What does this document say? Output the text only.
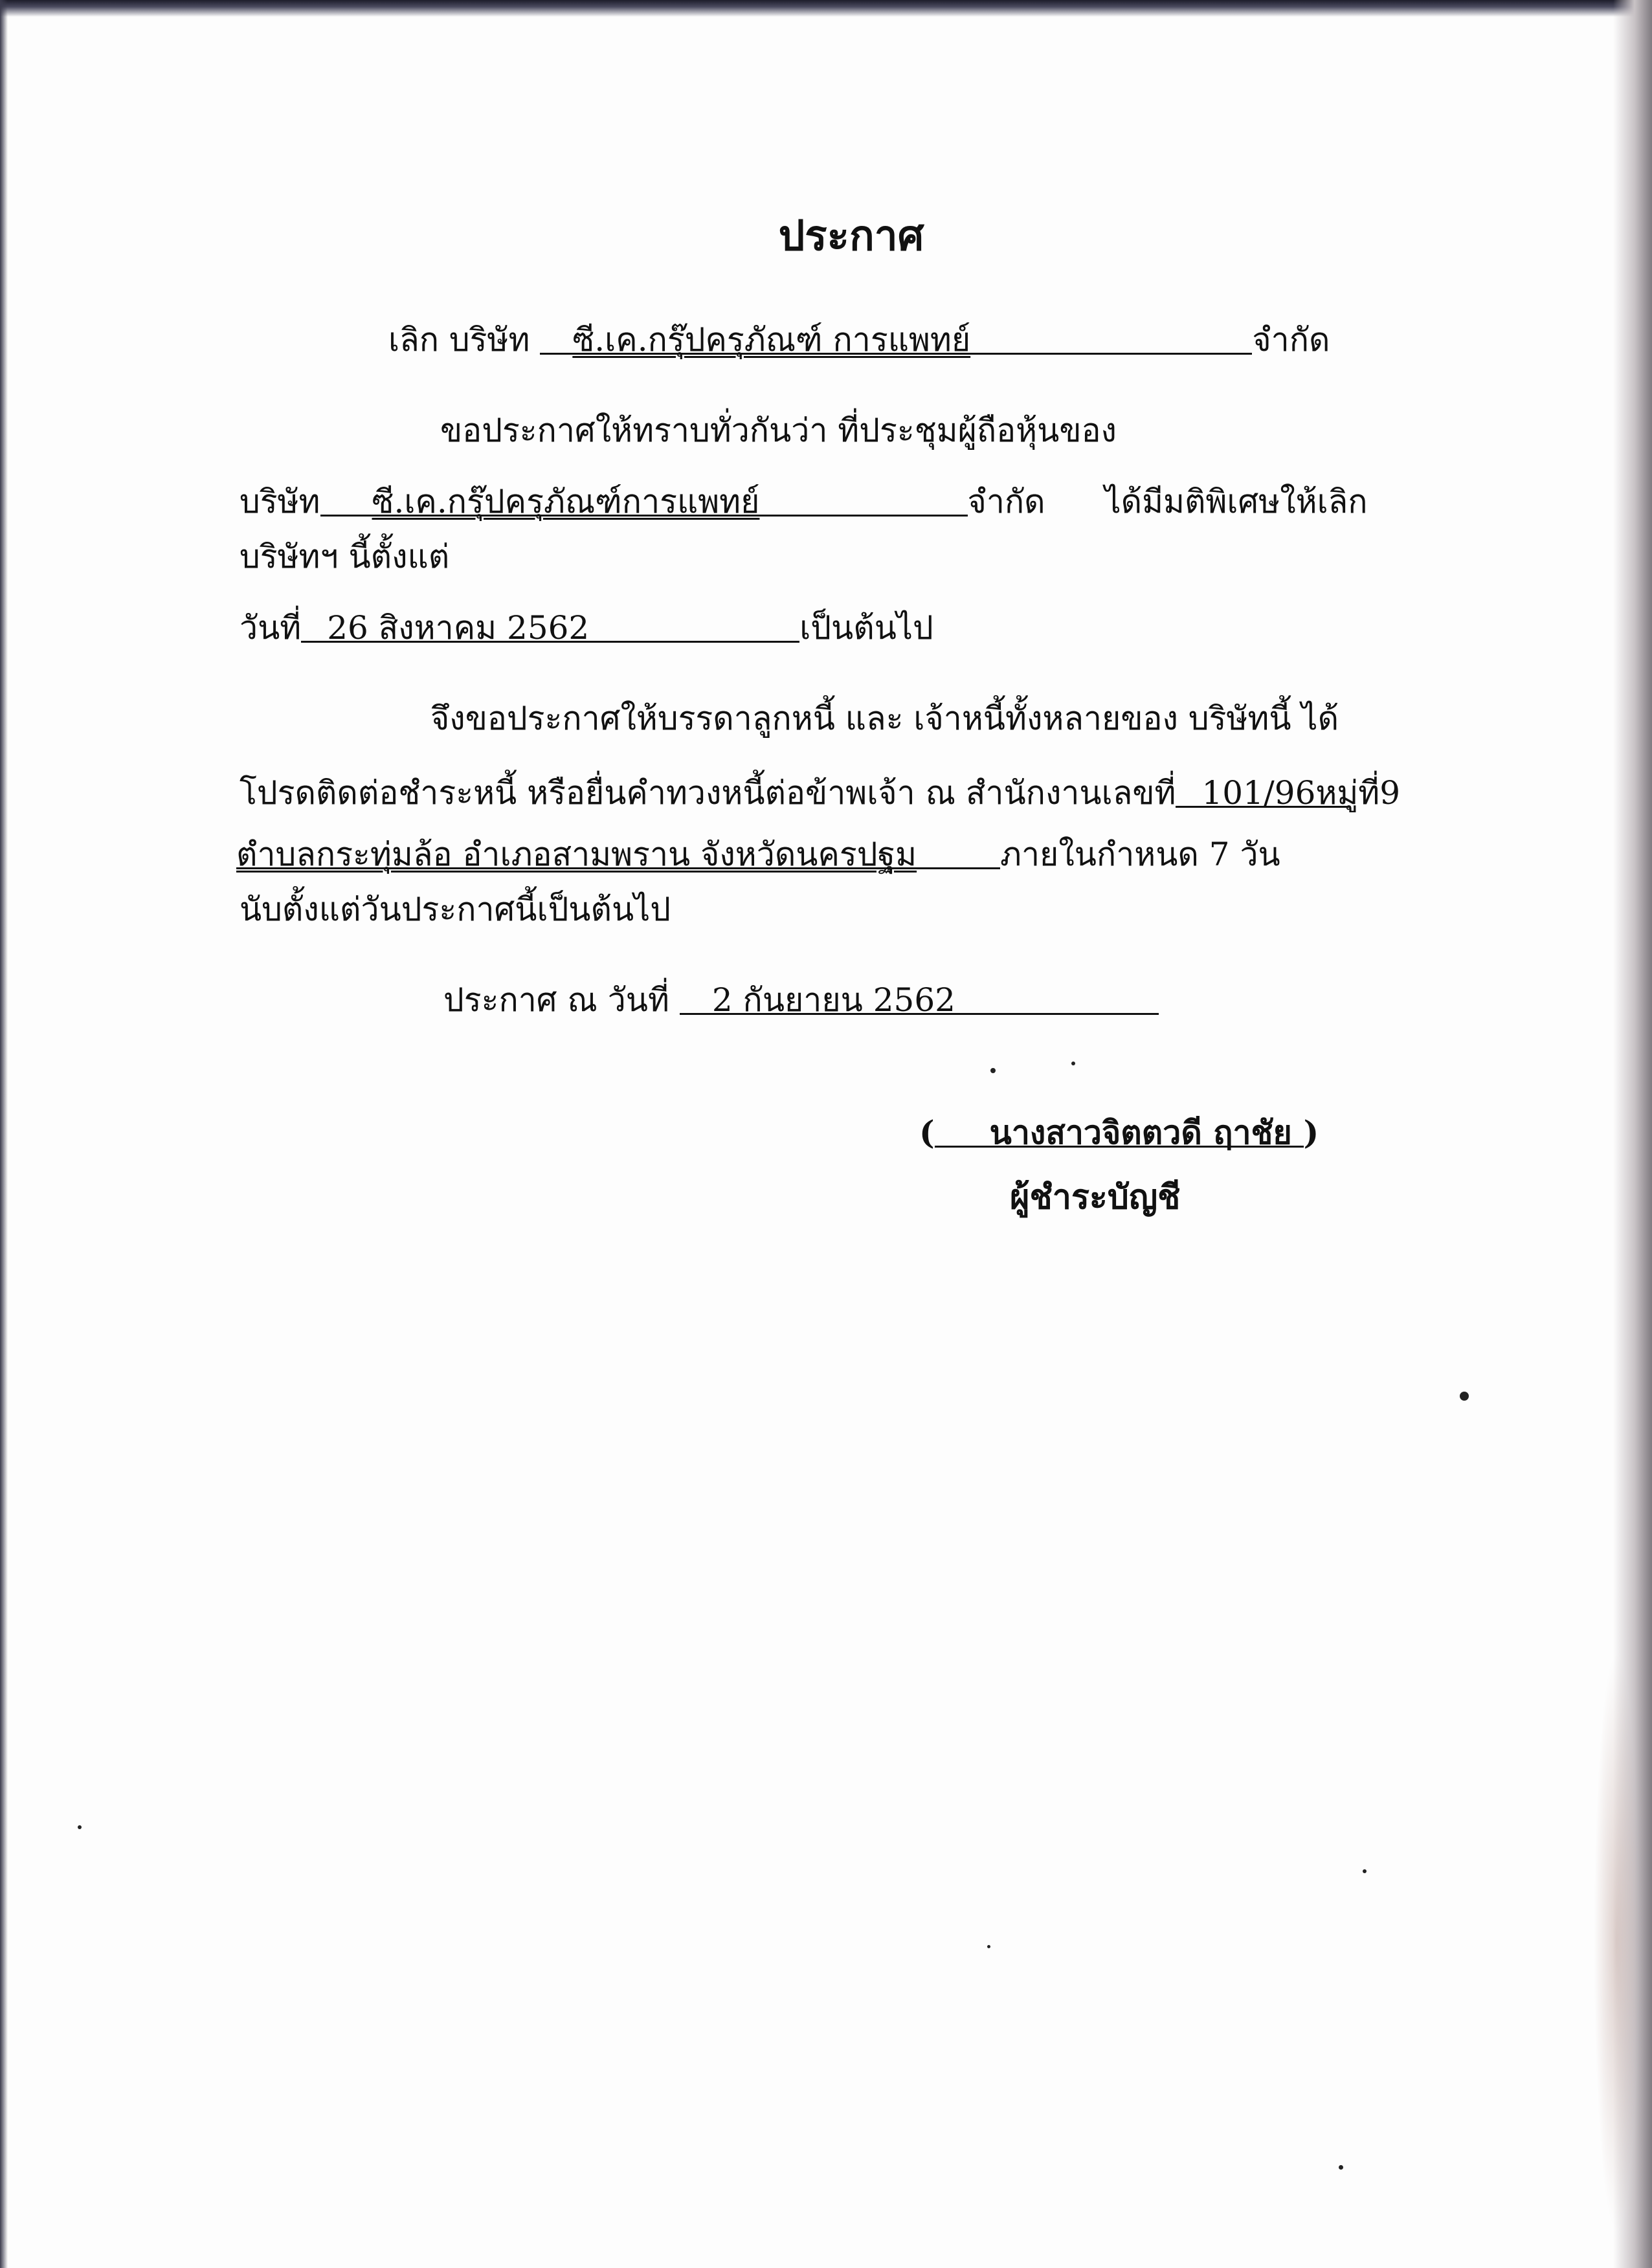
ประกาศ
เลิก บริษัท ซี.เค.กรุ๊ปครุภัณฑ์ การแพทย์	จำกัด
ขอประกาศให้ทราบทั่วกันว่า ที่ประชุมผู้ถือหุ้นของ
บริษัท ซี.เค.กรุ๊ปครุภัณฑ์การแพทย์	จำกัด ได้มีมติพิเศษให้เลิก
บริษัทฯ นี้ตั้งแต่
วันที่ 26 สิงหาคม 2562	เป็นต้นไป
จึงขอประกาศให้บรรดาลูกหนี้ และ เจ้าหนี้ทั้งหลายของ บริษัทนี้ ได้
โปรดติดต่อชำระหนี้ หรือยื่นคำทวงหนี้ต่อข้าพเจ้า ณ สำนักงานเลขที่ 101/96หมู่ที่9
ตำบลกระทุ่มล้อ อำเภอสามพราน จังหวัดนครปฐม	ภายในกำหนด 7 วัน
นับตั้งแต่วันประกาศนี้เป็นต้นไป
ประกาศ ณ วันที่ 2 กันยายน 2562
( นางสาวจิตตวดี ฤาชัย )
ผู้ชำระบัญชี
